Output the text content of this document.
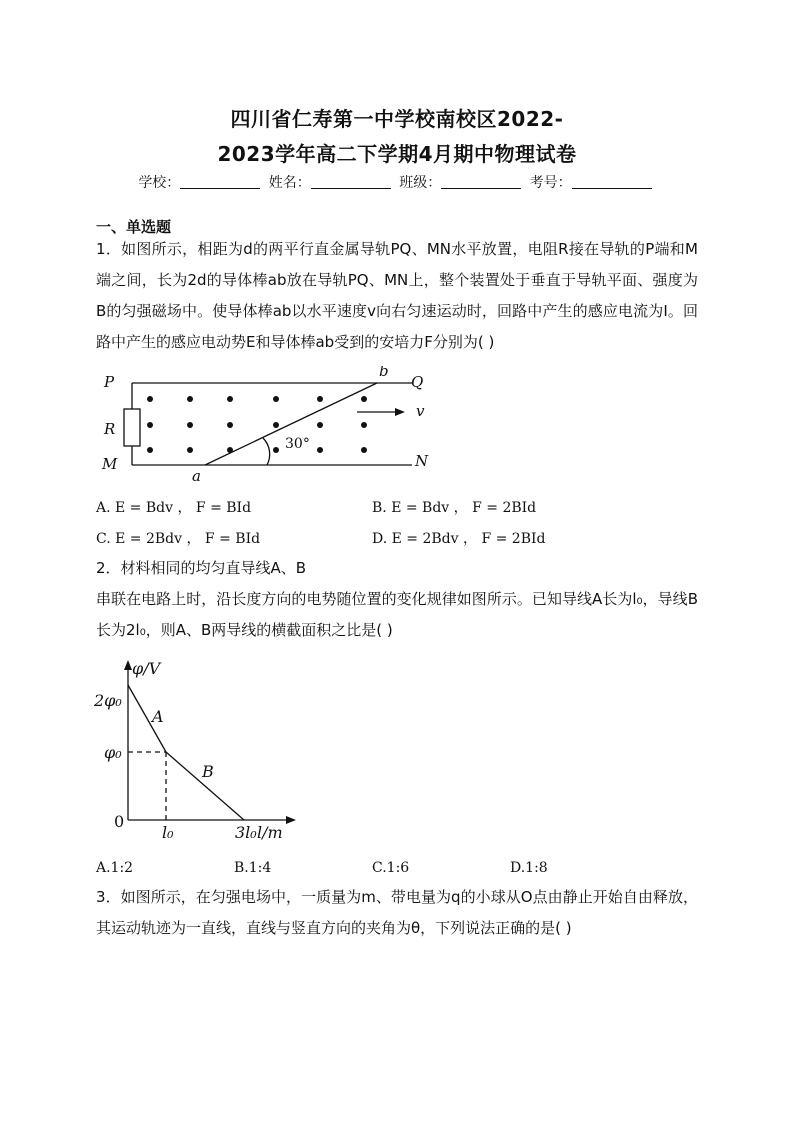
四川省仁寿第一中学校南校区2022-
2023学年高二下学期4月期中物理试卷
学校：	姓名：	班级：	考号：
一、单选题
1．如图所示，相距为d的两平行直金属导轨PQ、MN水平放置，电阻R接在导轨的P端和M端之间，长为2d的导体棒ab放在导轨PQ、MN上，整个装置处于垂直于导轨平面、强度为B的匀强磁场中。使导体棒ab以水平速度v向右匀速运动时，回路中产生的感应电流为I。回路中产生的感应电动势E和导体棒ab受到的安培力F分别为( )
P
R
M
b
Q
v
N
a
30°
A. E = Bdv ， F = BId	B. E = Bdv ， F = 2BId
C. E = 2Bdv ， F = BId	D. E = 2Bdv ， F = 2BId
2．材料相同的均匀直导线A、B
串联在电路上时，沿长度方向的电势随位置的变化规律如图所示。已知导线A长为l₀，导线B长为2l₀，则A、B两导线的横截面积之比是( )
φ/V
2φ₀
φ₀
0
l₀	3l₀ l/m
A
B
A.1:2	B.1:4	C.1:6	D.1:8
3．如图所示，在匀强电场中，一质量为m、带电量为q的小球从O点由静止开始自由释放，其运动轨迹为一直线，直线与竖直方向的夹角为θ，下列说法正确的是( )
